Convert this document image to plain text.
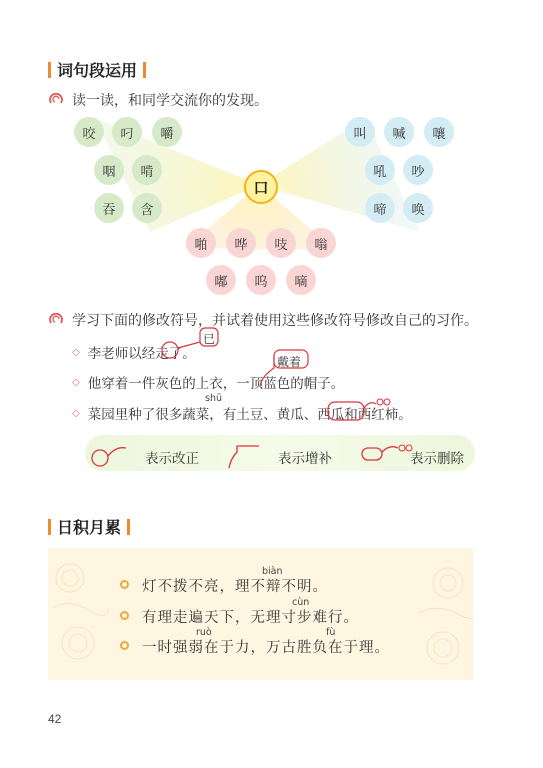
词句段运用
读一读，和同学交流你的发现。
咬	叼	嚼
咽	啃
吞	含
叫	喊	嚷
吼	吵
啼	唤
口
啪	哗	吱	嗡
嘟	呜	嘀
学习下面的修改符号，并试着使用这些修改符号修改自己的习作。
◇ 李老师以经走了。
已
◇ 他穿着一件灰色的上衣，一顶蓝色的帽子。
戴着
shū
◇ 菜园里种了很多蔬菜，有土豆、黄瓜、西瓜和西红柿。
表示改正	表示增补	表示删除
日积月累
biàn
灯不拨不亮，理不辩不明。
cùn
有理走遍天下，无理寸步难行。
ruò	fù
一时强弱在于力，万古胜负在于理。
42
